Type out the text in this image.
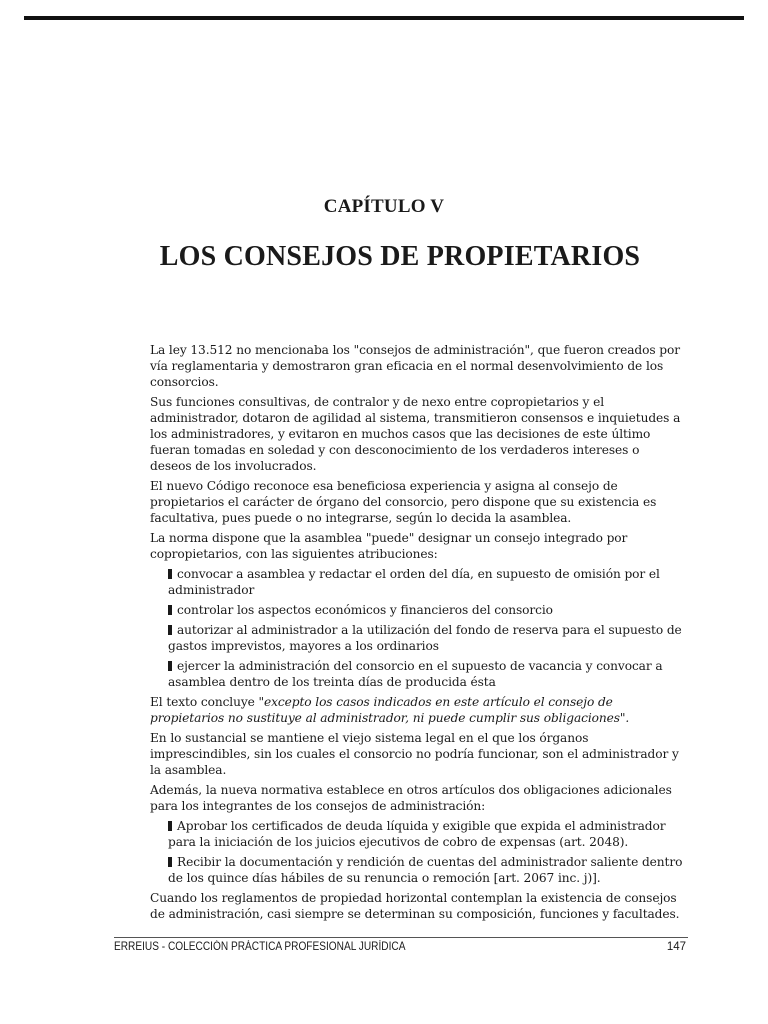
CAPÍTULO V
LOS CONSEJOS DE PROPIETARIOS

La ley 13.512 no mencionaba los "consejos de administración", que fueron creados por vía reglamentaria y demostraron gran eficacia en el normal desenvolvimiento de los consorcios.

Sus funciones consultivas, de contralor y de nexo entre copropietarios y el administrador, dotaron de agilidad al sistema, transmitieron consensos e inquietudes a los administradores, y evitaron en muchos casos que las decisiones de este último fueran tomadas en soledad y con desconocimiento de los verdaderos intereses o deseos de los involucrados.

El nuevo Código reconoce esa beneficiosa experiencia y asigna al consejo de propietarios el carácter de órgano del consorcio, pero dispone que su existencia es facultativa, pues puede o no integrarse, según lo decida la asamblea.

La norma dispone que la asamblea "puede" designar un consejo integrado por copropietarios, con las siguientes atribuciones:

convocar a asamblea y redactar el orden del día, en supuesto de omisión por el administrador
controlar los aspectos económicos y financieros del consorcio
autorizar al administrador a la utilización del fondo de reserva para el supuesto de gastos imprevistos, mayores a los ordinarios
ejercer la administración del consorcio en el supuesto de vacancia y convocar a asamblea dentro de los treinta días de producida ésta

El texto concluye "excepto los casos indicados en este artículo el consejo de propietarios no sustituye al administrador, ni puede cumplir sus obligaciones".

En lo sustancial se mantiene el viejo sistema legal en el que los órganos imprescindibles, sin los cuales el consorcio no podría funcionar, son el administrador y la asamblea.

Además, la nueva normativa establece en otros artículos dos obligaciones adicionales para los integrantes de los consejos de administración:

Aprobar los certificados de deuda líquida y exigible que expida el administrador para la iniciación de los juicios ejecutivos de cobro de expensas (art. 2048).
Recibir la documentación y rendición de cuentas del administrador saliente dentro de los quince días hábiles de su renuncia o remoción [art. 2067 inc. j)].

Cuando los reglamentos de propiedad horizontal contemplan la existencia de consejos de administración, casi siempre se determinan su composición, funciones y facultades.

ERREIUS - COLECCIÓN PRÁCTICA PROFESIONAL JURÍDICA	147
